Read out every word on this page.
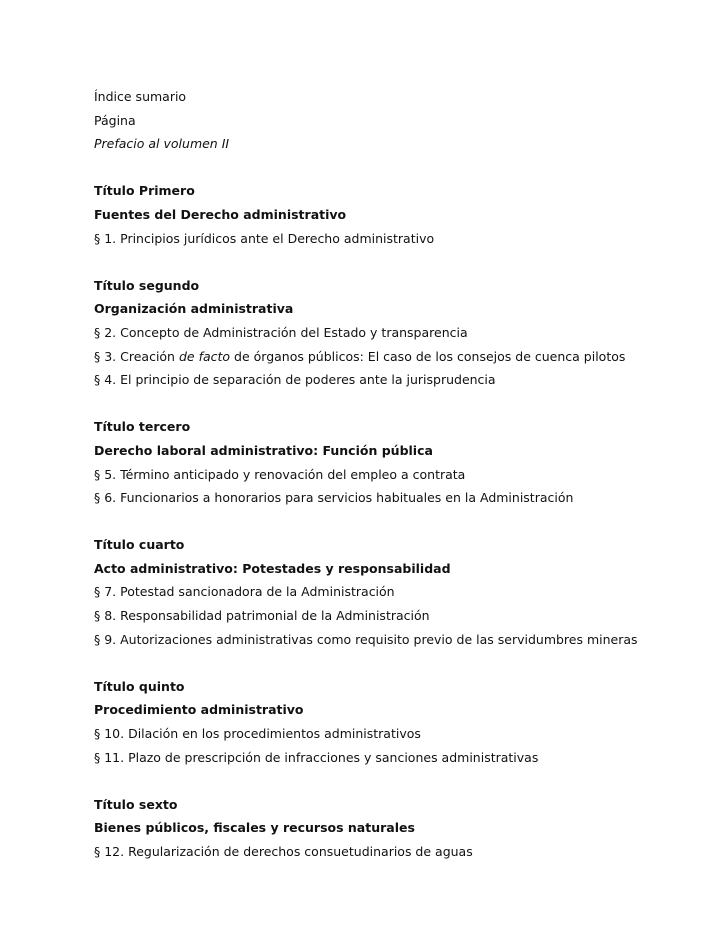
Índice sumario
Página
Prefacio al volumen II
Título Primero
Fuentes del Derecho administrativo
§ 1. Principios jurídicos ante el Derecho administrativo
Título segundo
Organización administrativa
§ 2. Concepto de Administración del Estado y transparencia
§ 3. Creación de facto de órganos públicos: El caso de los consejos de cuenca pilotos
§ 4. El principio de separación de poderes ante la jurisprudencia
Título tercero
Derecho laboral administrativo: Función pública
§ 5. Término anticipado y renovación del empleo a contrata
§ 6. Funcionarios a honorarios para servicios habituales en la Administración
Título cuarto
Acto administrativo: Potestades y responsabilidad
§ 7. Potestad sancionadora de la Administración
§ 8. Responsabilidad patrimonial de la Administración
§ 9. Autorizaciones administrativas como requisito previo de las servidumbres mineras
Título quinto
Procedimiento administrativo
§ 10. Dilación en los procedimientos administrativos
§ 11. Plazo de prescripción de infracciones y sanciones administrativas
Título sexto
Bienes públicos, fiscales y recursos naturales
§ 12. Regularización de derechos consuetudinarios de aguas
